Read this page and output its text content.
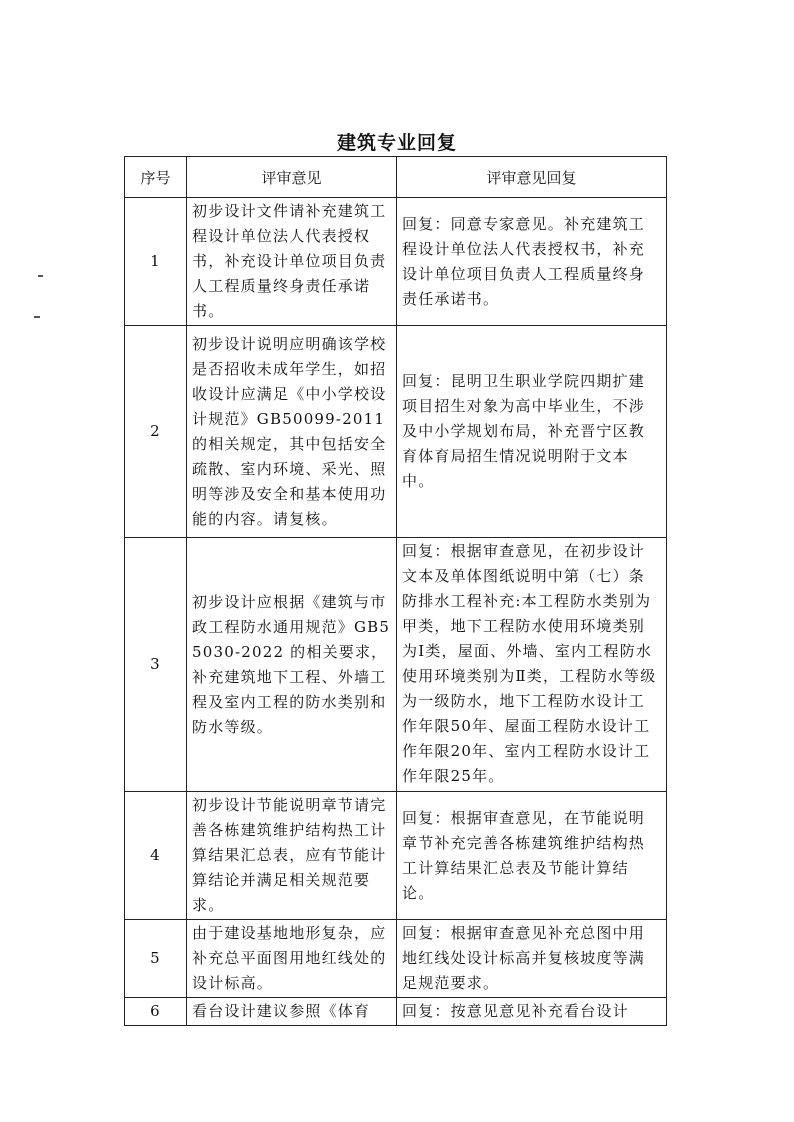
建筑专业回复
序号	评审意见	评审意见回复
1	初步设计文件请补充建筑工程设计单位法人代表授权书，补充设计单位项目负责人工程质量终身责任承诺书。	回复：同意专家意见。补充建筑工程设计单位法人代表授权书，补充设计单位项目负责人工程质量终身责任承诺书。
2	初步设计说明应明确该学校是否招收未成年学生，如招收设计应满足《中小学校设计规范》GB50099-2011 的相关规定，其中包括安全疏散、室内环境、采光、照明等涉及安全和基本使用功能的内容。请复核。	回复：昆明卫生职业学院四期扩建项目招生对象为高中毕业生，不涉及中小学规划布局，补充晋宁区教育体育局招生情况说明附于文本中。
3	初步设计应根据《建筑与市政工程防水通用规范》GB55030-2022 的相关要求，补充建筑地下工程、外墙工程及室内工程的防水类别和防水等级。	回复：根据审查意见，在初步设计文本及单体图纸说明中第（七）条防排水工程补充:本工程防水类别为甲类，地下工程防水使用环境类别为Ⅰ类，屋面、外墙、室内工程防水使用环境类别为Ⅱ类，工程防水等级为一级防水，地下工程防水设计工作年限50年、屋面工程防水设计工作年限20年、室内工程防水设计工作年限25年。
4	初步设计节能说明章节请完善各栋建筑维护结构热工计算结果汇总表，应有节能计算结论并满足相关规范要求。	回复：根据审查意见，在节能说明章节补充完善各栋建筑维护结构热工计算结果汇总表及节能计算结论。
5	由于建设基地地形复杂，应补充总平面图用地红线处的设计标高。	回复：根据审查意见补充总图中用地红线处设计标高并复核坡度等满足规范要求。
6	看台设计建议参照《体育	回复：按意见意见补充看台设计
